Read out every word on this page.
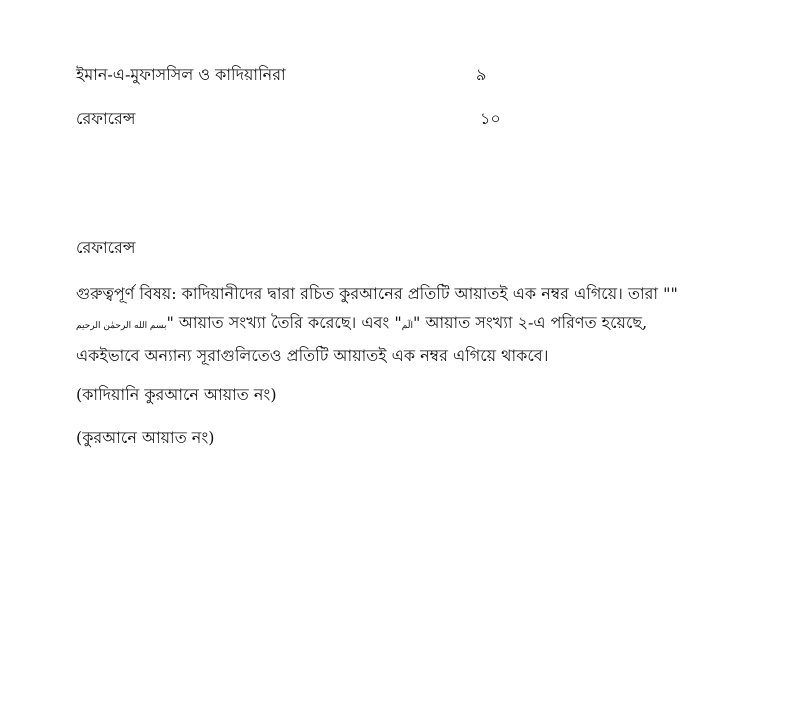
ইমান-এ-মুফাসসিল ও কাদিয়ানিরা	৯
রেফারেন্স	১০
রেফারেন্স
গুরুত্বপূর্ণ বিষয়: কাদিয়ানীদের দ্বারা রচিত কুরআনের প্রতিটি আয়াতই এক নম্বর এগিয়ে। তারা ""
بسم الله الرحمٰن الرحيم" আয়াত সংখ্যা তৈরি করেছে। এবং "الٓم" আয়াত সংখ্যা ২-এ পরিণত হয়েছে,
একইভাবে অন্যান্য সূরাগুলিতেও প্রতিটি আয়াতই এক নম্বর এগিয়ে থাকবে।
(কাদিয়ানি কুরআনে আয়াত নং)
(কুরআনে আয়াত নং)
